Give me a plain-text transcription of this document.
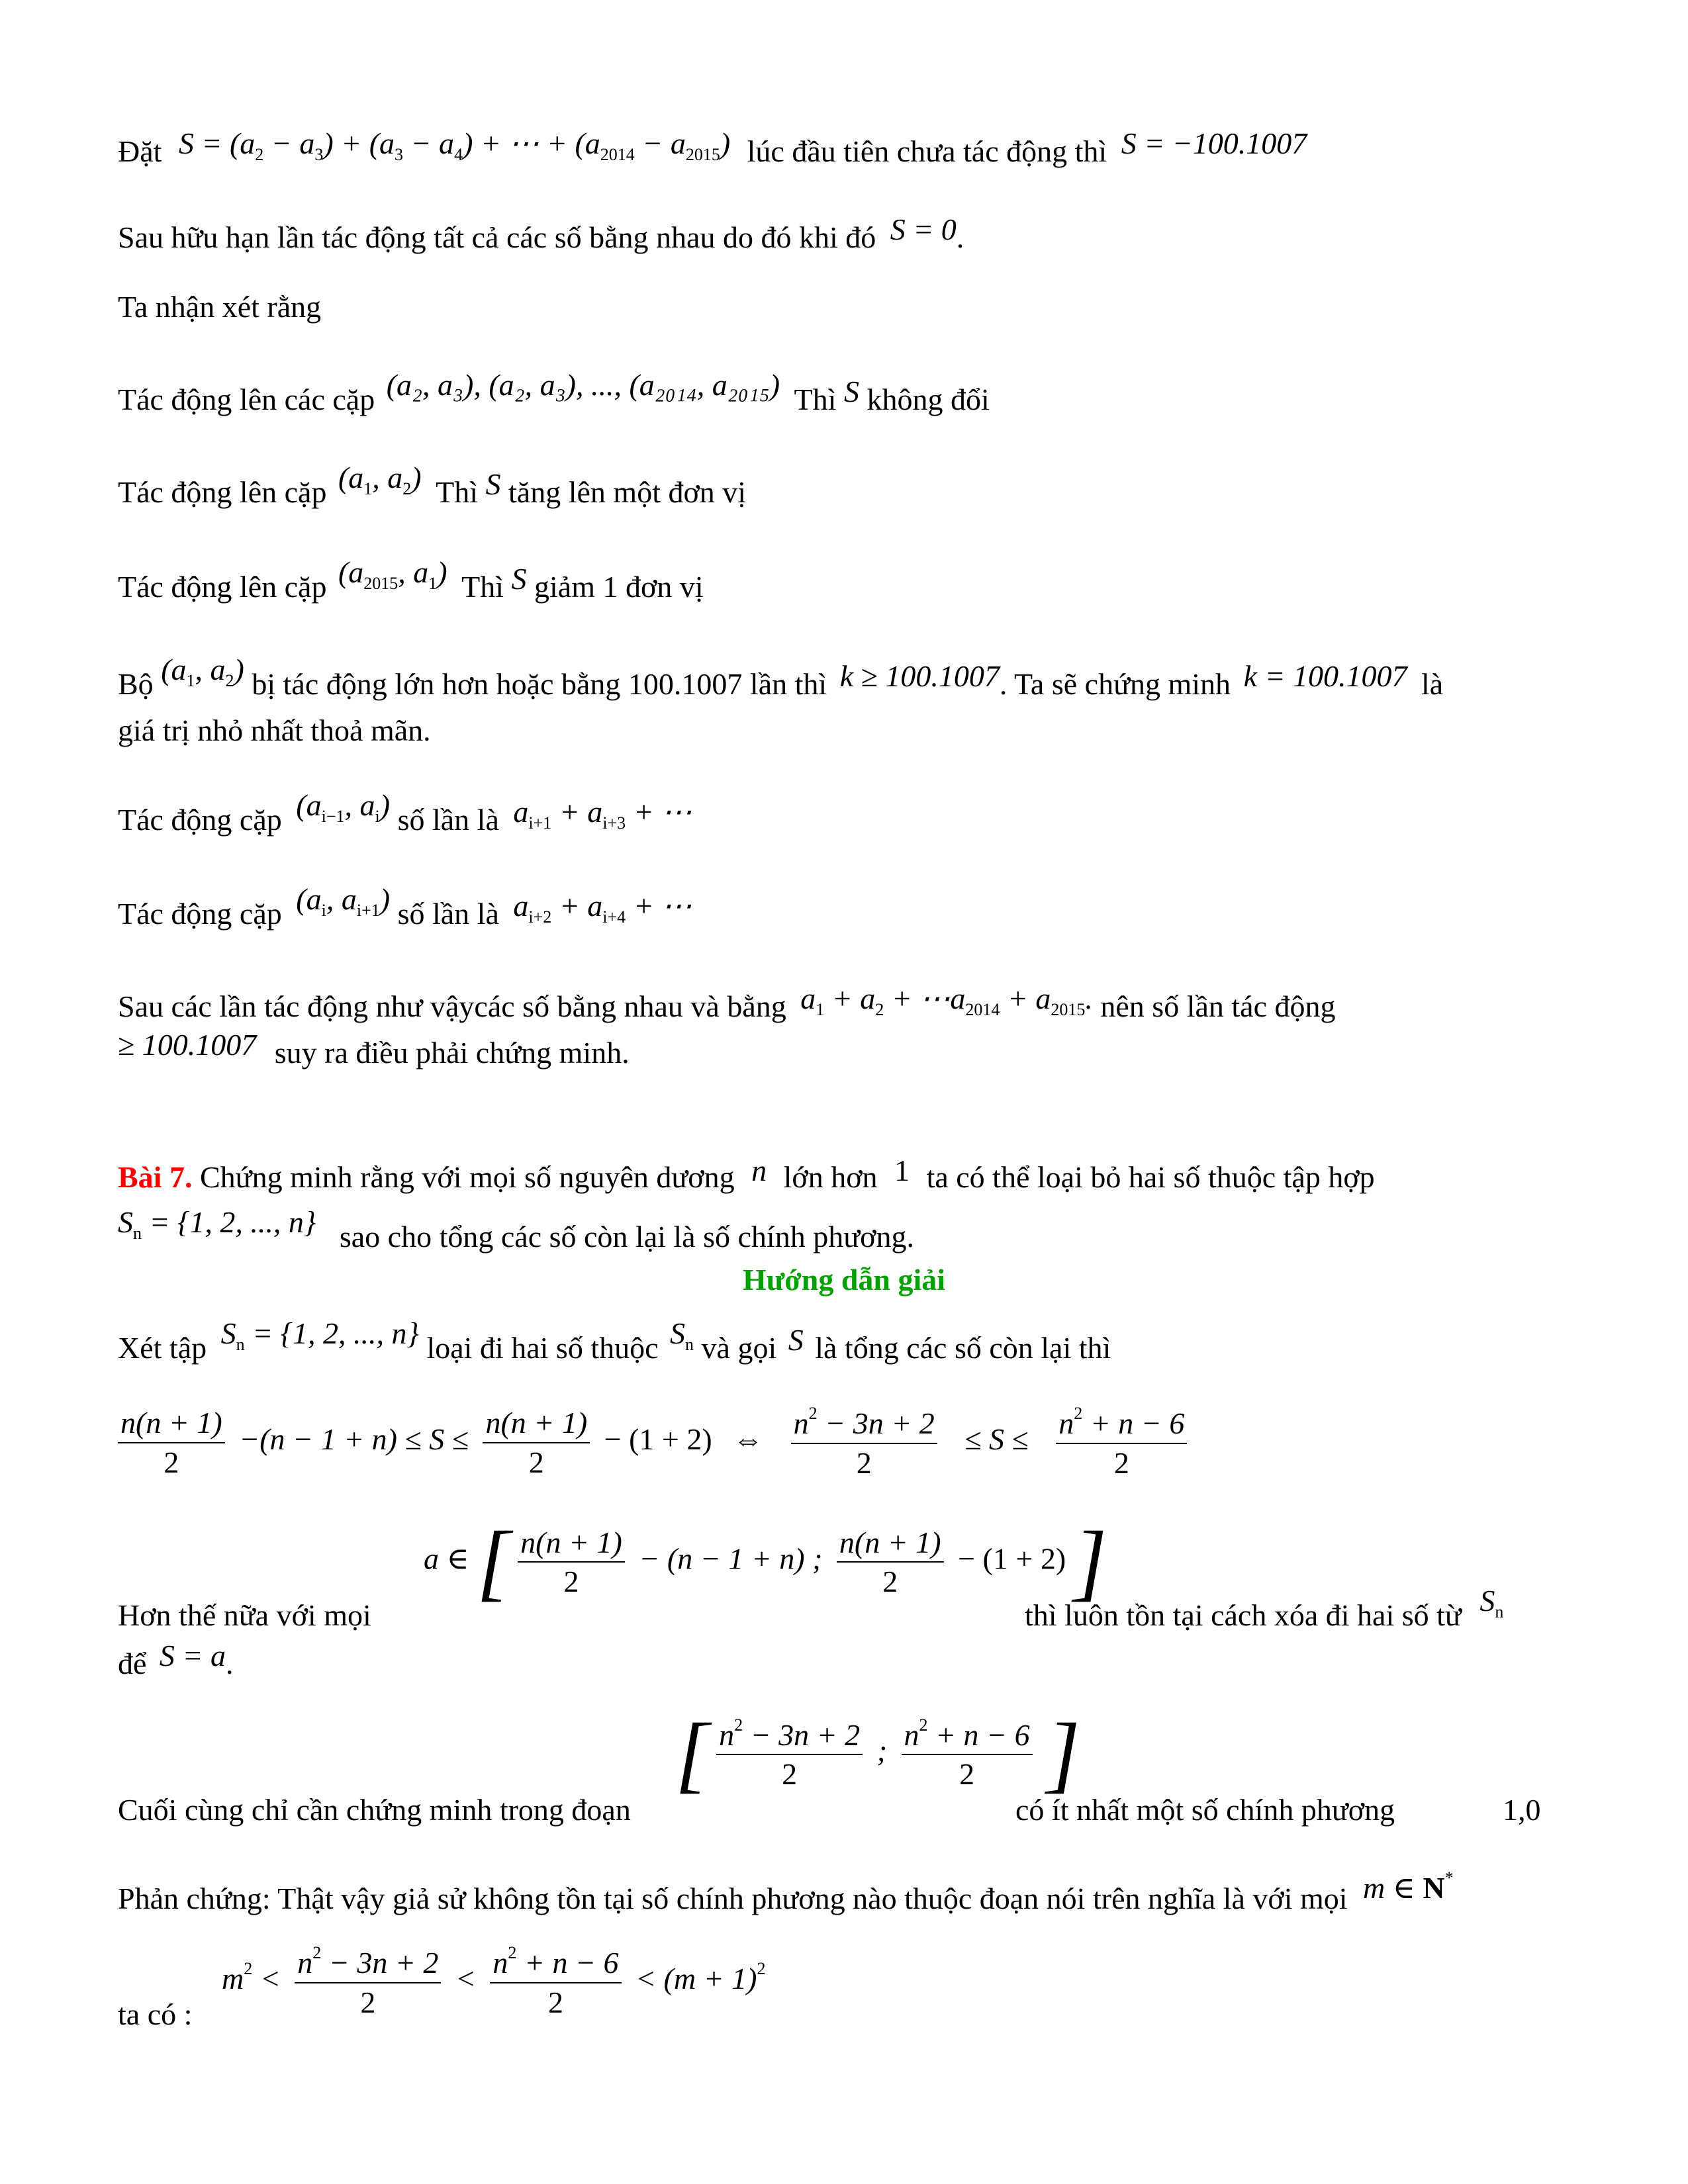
Đặt $S = (a_2 - a_3) + (a_3 - a_4)$ + ⋯ + $(a_{2014} - a_{2015})$ lúc đầu tiên chưa tác động thì S = −100.1007
Sau hữu hạn lần tác động tất cả các số bằng nhau do đó khi đó S = 0.
Ta nhận xét rằng
Tác động lên các cặp (a₂, a₃), (a₂, a₃), ..., (a₂₀₁₄, a₂₀₁₅) Thì S không đổi
Tác động lên cặp ($a_1$, $a_2$) Thì S tăng lên một đơn vị
Tác động lên cặp ($a_{2015}$, $a_1$) Thì S giảm 1 đơn vị
Bộ ($a_1$, $a_2$) bị tác động lớn hơn hoặc bằng 100.1007 lần thì k ≥ 100.1007. Ta sẽ chứng minh k = 100.1007 là
giá trị nhỏ nhất thoả mãn.
Tác động cặp ($a_{i-1}$, $a_i$) số lần là $a_{i+1} + a_{i+3}$ + ⋯
Tác động cặp ($a_i$, $a_{i+1}$) số lần là $a_{i+2} + a_{i+4}$ + ⋯
Sau các lần tác động như vậycác số bằng nhau và bằng $a_1 + a_2$ + $\cdots a_{2014} + a_{2015}$. nên số lần tác động
≥ 100.1007 suy ra điều phải chứng minh.
Bài 7. Chứng minh rằng với mọi số nguyên dương n lớn hơn 1 ta có thể loại bỏ hai số thuộc tập hợp
$S_n = \{1$, 2, ..., n} sao cho tổng các số còn lại là số chính phương.
Hướng dẫn giải
Xét tập $S_n = \{1$, 2, ..., n} loại đi hai số thuộc $S_n$ và gọi S là tổng các số còn lại thì
$\frac{n(n + 1)}{2} -(n - 1 + n) \le S \le \frac{n(n + 1)}{2} - (1 + 2)$ ⇔ $\frac{n^2 - 3n + 2}{2} \le S \le \frac{n^2 + n - 6}{2}$
a ∈ [ $\frac{n(n + 1)}{2} - (n - 1 + n)$ ; $\frac{n(n + 1)}{2} - (1 + 2)$ ]
Hơn thế nữa với mọi	thì luôn tồn tại cách xóa đi hai số từ $S_n$
để S = a.
[ $\frac{n^2 - 3n + 2}{2}$ ; $\frac{n^2 + n - 6}{2}$ ]
Cuối cùng chỉ cần chứng minh trong đoạn	có ít nhất một số chính phương	1,0
Phản chứng: Thật vậy giả sử không tồn tại số chính phương nào thuộc đoạn nói trên nghĩa là với mọi m ∈ N*
$m^2 < \frac{n^2 - 3n + 2}{2} < \frac{n^2 + n - 6}{2} < (m + 1)^2$
ta có :
